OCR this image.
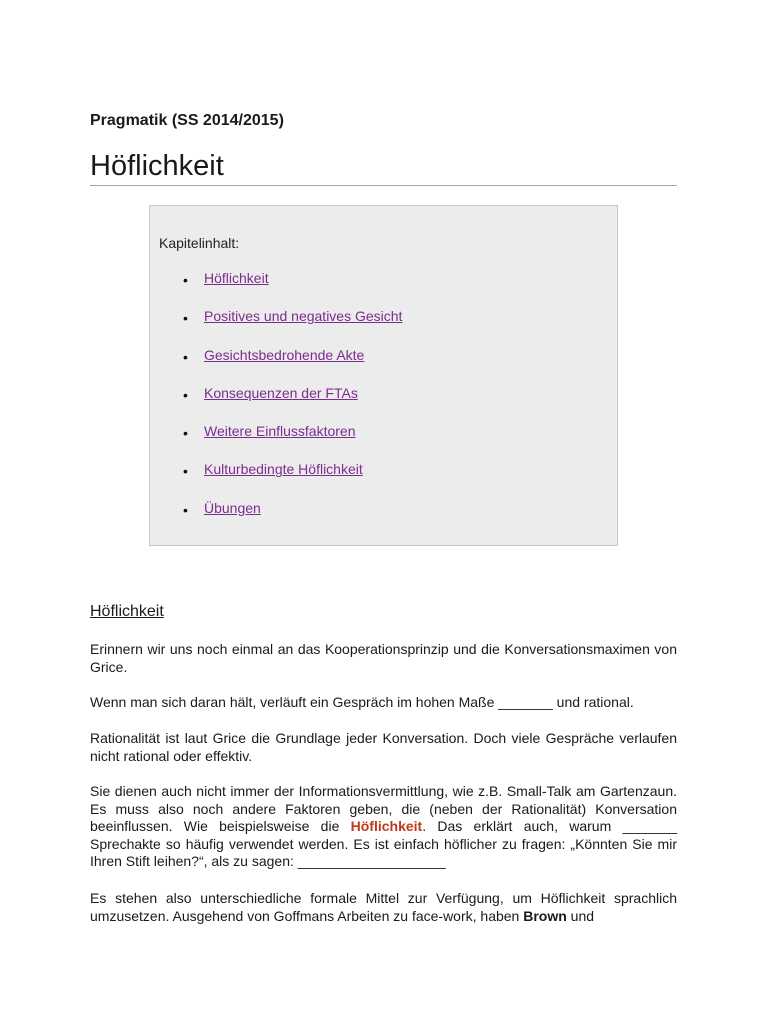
Pragmatik (SS 2014/2015)
Höflichkeit
Kapitelinhalt:
• Höflichkeit
• Positives und negatives Gesicht
• Gesichtsbedrohende Akte
• Konsequenzen der FTAs
• Weitere Einflussfaktoren
• Kulturbedingte Höflichkeit
• Übungen
Höflichkeit

Erinnern wir uns noch einmal an das Kooperationsprinzip und die Konversationsmaximen von Grice.

Wenn man sich daran hält, verläuft ein Gespräch im hohen Maße _______ und rational.

Rationalität ist laut Grice die Grundlage jeder Konversation. Doch viele Gespräche verlaufen nicht rational oder effektiv.

Sie dienen auch nicht immer der Informationsvermittlung, wie z.B. Small-Talk am Gartenzaun. Es muss also noch andere Faktoren geben, die (neben der Rationalität) Konversation beeinflussen. Wie beispielsweise die Höflichkeit. Das erklärt auch, warum _______ Sprechakte so häufig verwendet werden. Es ist einfach höflicher zu fragen: „Könnten Sie mir Ihren Stift leihen?“, als zu sagen: ___________________

Es stehen also unterschiedliche formale Mittel zur Verfügung, um Höflichkeit sprachlich umzusetzen. Ausgehend von Goffmans Arbeiten zu face-work, haben Brown und
